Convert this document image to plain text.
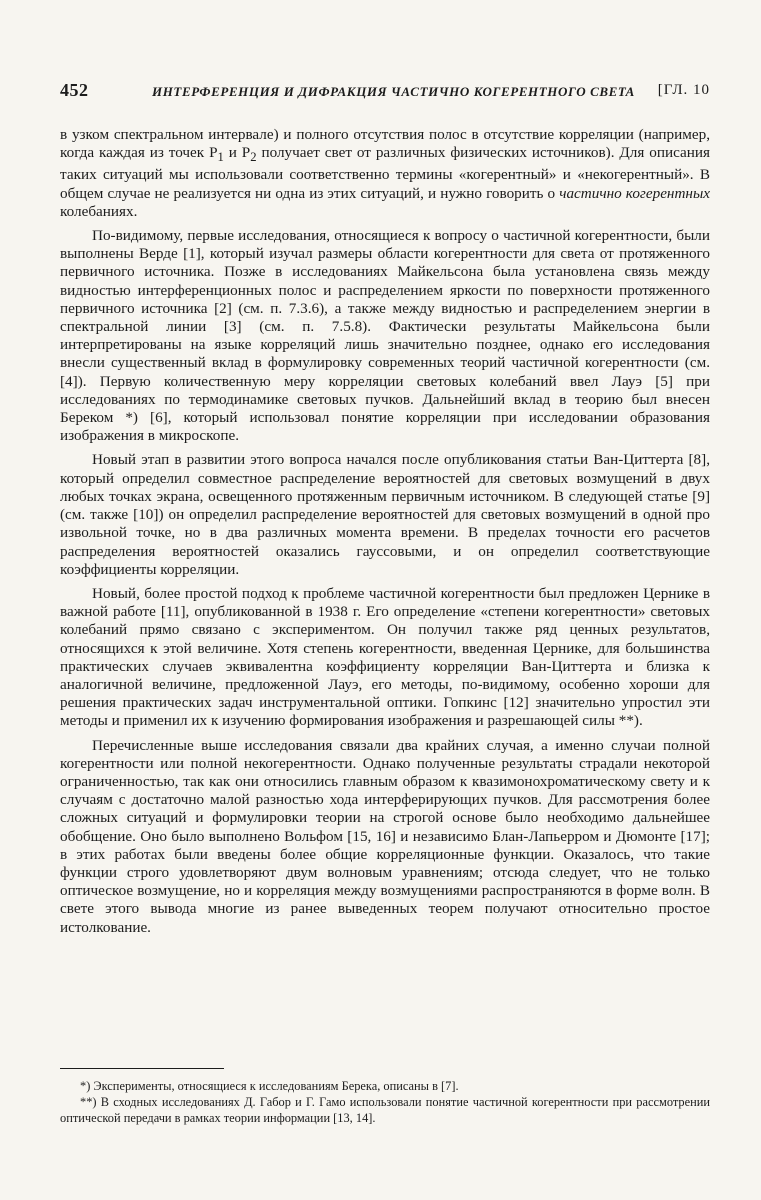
452	ИНТЕРФЕРЕНЦИЯ И ДИФРАКЦИЯ ЧАСТИЧНО КОГЕРЕНТНОГО СВЕТА [ГЛ. 10

в узком спектральном интервале) и полного отсутствия полос в отсутствие корреляции (например, когда каждая из точек $P_1$ и $P_2$ получает свет от различных физических источников). Для описания таких ситуаций мы использовали соответственно термины «когерентный» и «некогерентный». В общем случае не реализуется ни одна из этих ситуаций, и нужно говорить о частично когерентных колебаниях.

По-видимому, первые исследования, относящиеся к вопросу о частичной когерентности, были выполнены Верде [1], который изучал размеры области когерентности для света от протяженного первичного источника. Позже в исследованиях Майкельсона была установлена связь между видностью интерференционных полос и распределением яркости по поверхности протяженного первичного источника [2] (см. п. 7.3.6), а также между видностью и распределением энергии в спектральной линии [3] (см. п. 7.5.8). Фактически результаты Майкельсона были интерпретированы на языке корреляций лишь значительно позднее, однако его исследования внесли существенный вклад в формулировку современных теорий частичной когерентности (см. [4]). Первую количественную меру корреляции световых колебаний ввел Лауэ [5] при исследованиях по термодинамике световых пучков. Дальнейший вклад в теорию был внесен Береком *) [6], который использовал понятие корреляции при исследовании образования изображения в микроскопе.

Новый этап в развитии этого вопроса начался после опубликования статьи Ван-Циттерта [8], который определил совместное распределение вероятностей для световых возмущений в двух любых точках экрана, освещенного протяженным первичным источником. В следующей статье [9] (см. также [10]) он определил распределение вероятностей для световых возмущений в одной про извольной точке, но в два различных момента времени. В пределах точности его расчетов распределения вероятностей оказались гауссовыми, и он определил соответствующие коэффициенты корреляции.

Новый, более простой подход к проблеме частичной когерентности был предложен Цернике в важной работе [11], опубликованной в 1938 г. Его определение «степени когерентности» световых колебаний прямо связано с экспериментом. Он получил также ряд ценных результатов, относящихся к этой величине. Хотя степень когерентности, введенная Цернике, для большинства практических случаев эквивалентна коэффициенту корреляции Ван-Циттерта и близка к аналогичной величине, предложенной Лауэ, его методы, по-видимому, особенно хороши для решения практических задач инструментальной оптики. Гопкинс [12] значительно упростил эти методы и применил их к изучению формирования изображения и разрешающей силы **).

Перечисленные выше исследования связали два крайних случая, а именно случаи полной когерентности или полной некогерентности. Однако полученные результаты страдали некоторой ограниченностью, так как они относились главным образом к квазимонохроматическому свету и к случаям с достаточно малой разностью хода интерферирующих пучков. Для рассмотрения более сложных ситуаций и формулировки теории на строгой основе было необходимо дальнейшее обобщение. Оно было выполнено Вольфом [15, 16] и независимо Блан-Лапьерром и Дюмонте [17]; в этих работах были введены более общие корреляционные функции. Оказалось, что такие функции строго удовлетворяют двум волновым уравнениям; отсюда следует, что не только оптическое возмущение, но и корреляция между возмущениями распространяются в форме волн. В свете этого вывода многие из ранее выведенных теорем получают относительно простое истолкование.

*) Эксперименты, относящиеся к исследованиям Берека, описаны в [7].

**) В сходных исследованиях Д. Габор и Г. Гамо использовали понятие частичной когерентности при рассмотрении оптической передачи в рамках теории информации [13, 14].
